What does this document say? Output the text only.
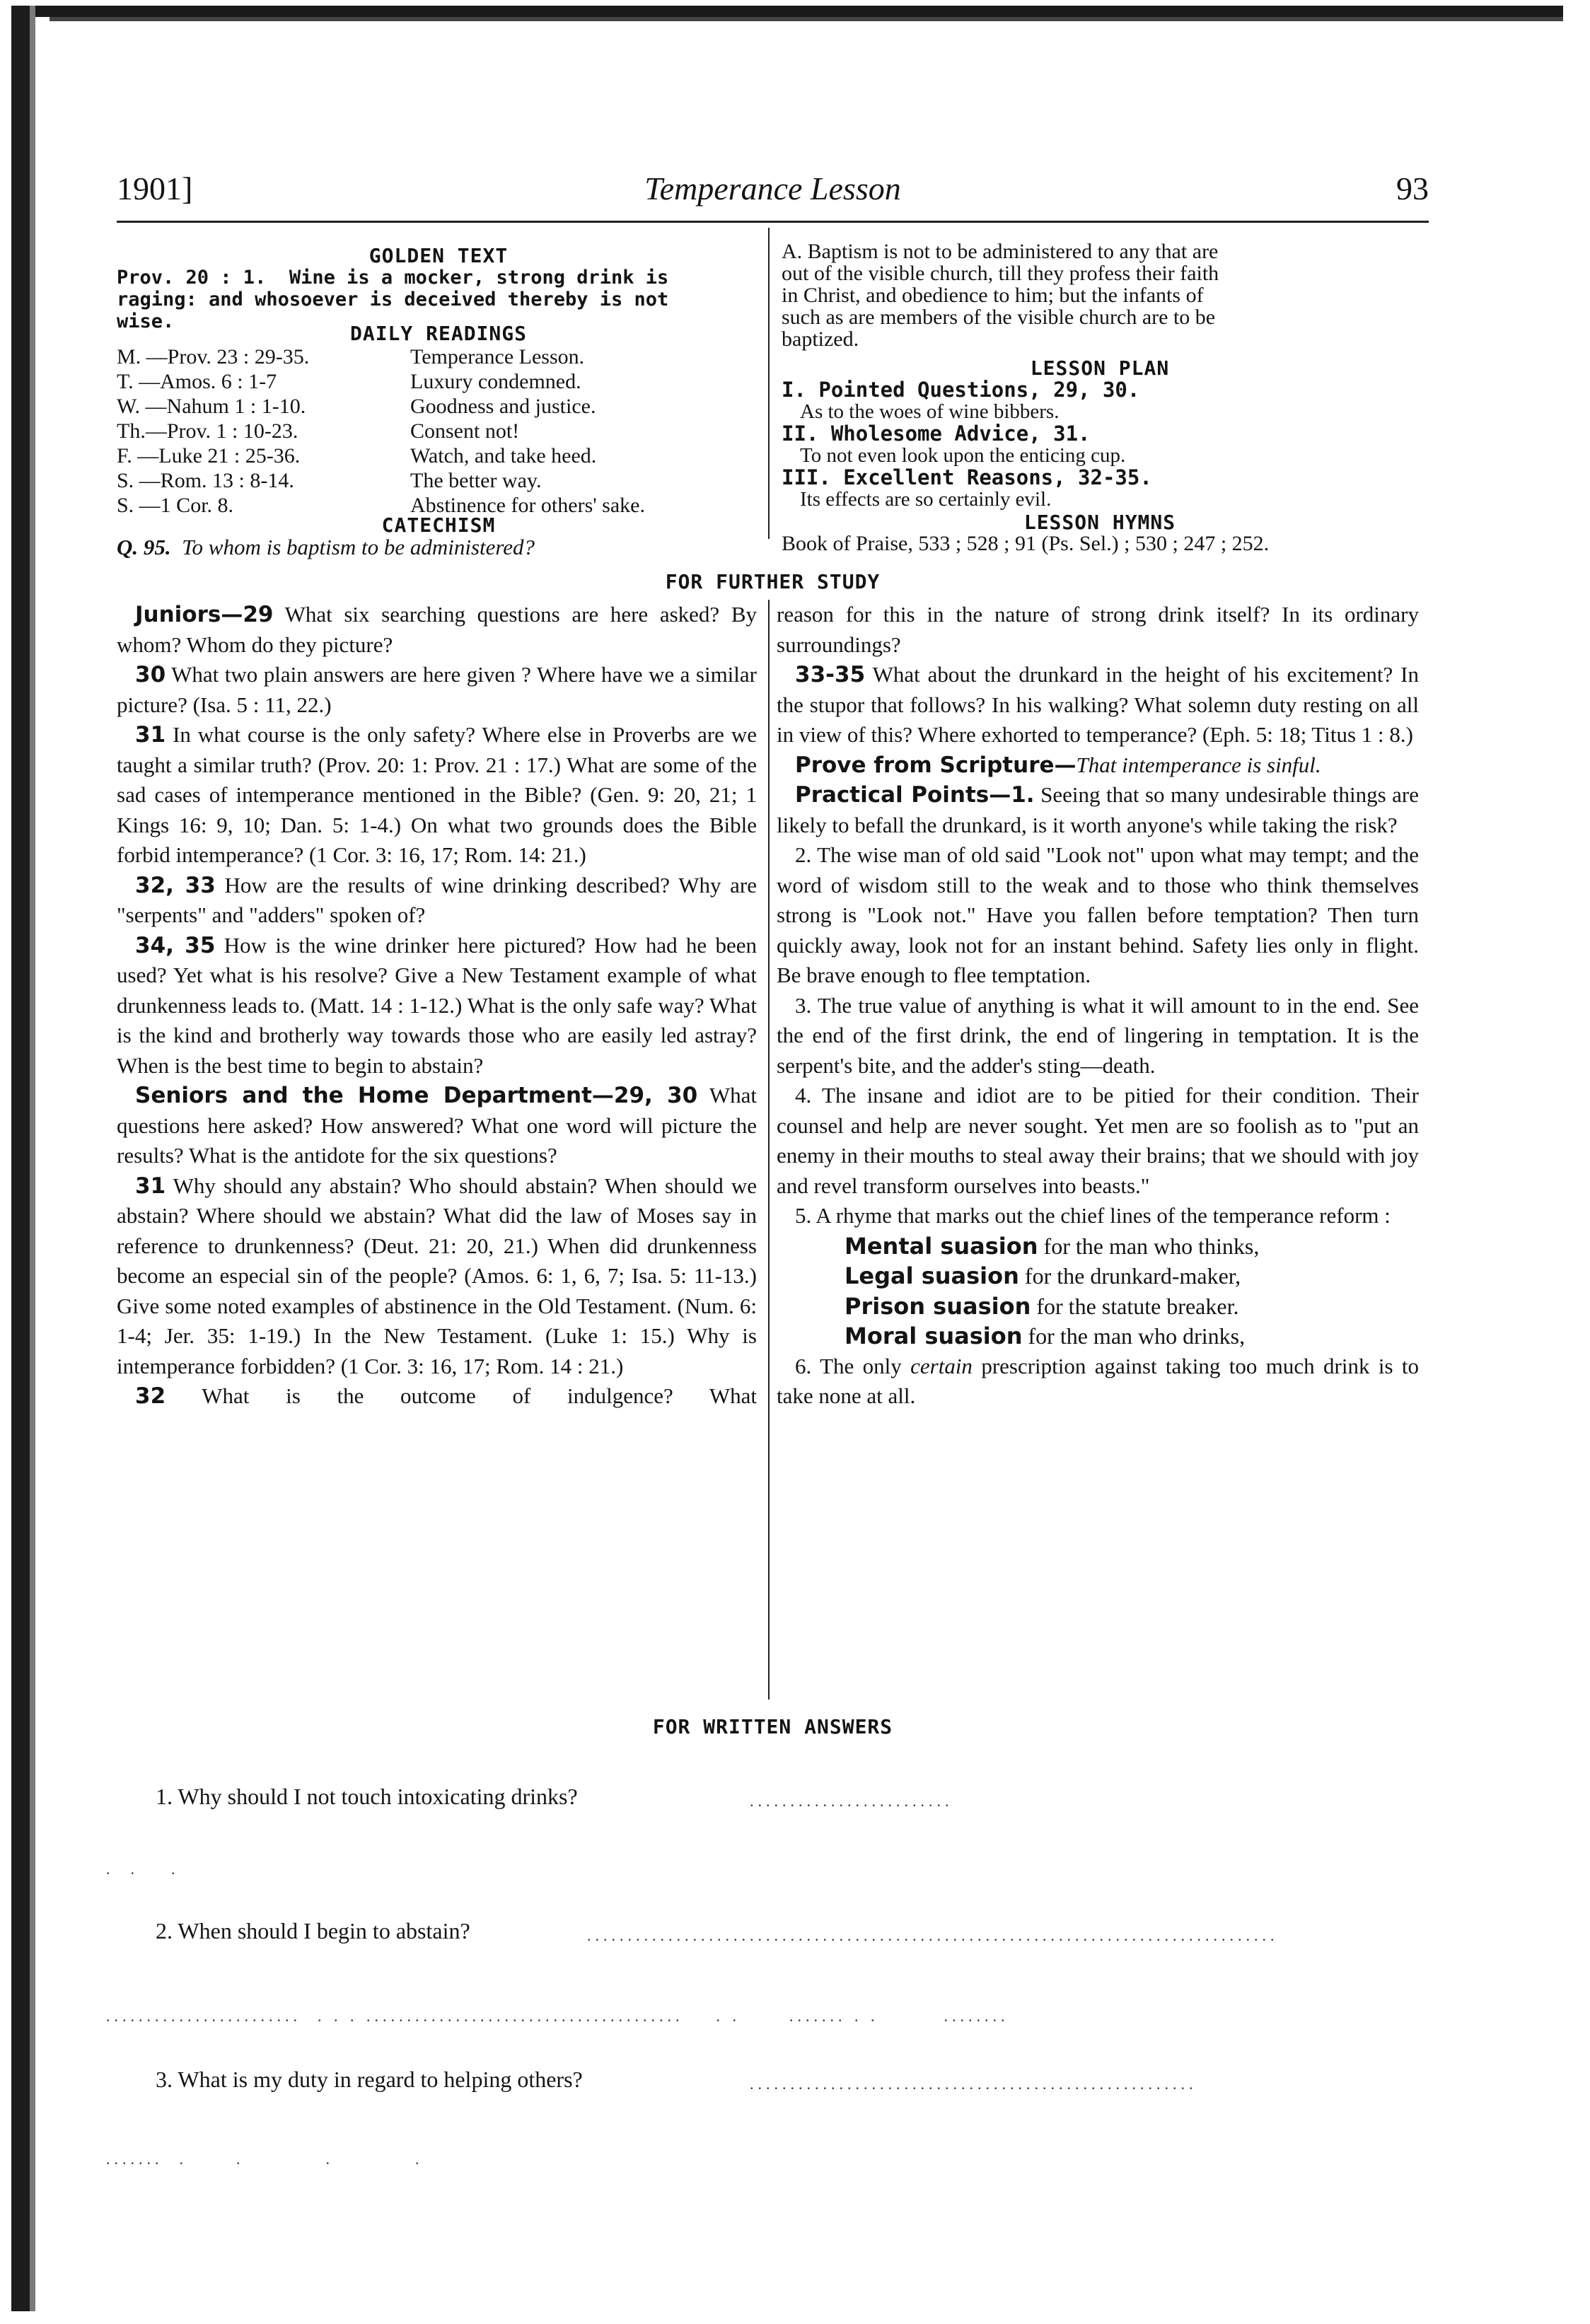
1901]	Temperance Lesson	93
GOLDEN TEXT
Prov. 20 : 1. Wine is a mocker, strong drink is
raging: and whosoever is deceived thereby is not
wise.
DAILY READINGS
M. —Prov. 23 : 29-35.	Temperance Lesson.
T. —Amos. 6 : 1-7	Luxury condemned.
W. —Nahum 1 : 1-10.	Goodness and justice.
Th.—Prov. 1 : 10-23.	Consent not!
F. —Luke 21 : 25-36.	Watch, and take heed.
S. —Rom. 13 : 8-14.	The better way.
S. —1 Cor. 8.	Abstinence for others' sake.
CATECHISM
Q. 95. To whom is baptism to be administered?
A. Baptism is not to be administered to any that are
out of the visible church, till they profess their faith
in Christ, and obedience to him; but the infants of
such as are members of the visible church are to be
baptized.
LESSON PLAN
I. Pointed Questions, 29, 30.
As to the woes of wine bibbers.
II. Wholesome Advice, 31.
To not even look upon the enticing cup.
III. Excellent Reasons, 32-35.
Its effects are so certainly evil.
LESSON HYMNS
Book of Praise, 533 ; 528 ; 91 (Ps. Sel.) ; 530 ; 247 ; 252.
FOR FURTHER STUDY

Juniors—29 What six searching questions are here asked? By whom? Whom do they picture?

30 What two plain answers are here given ? Where have we a similar picture? (Isa. 5 : 11, 22.)

31 In what course is the only safety? Where else in Proverbs are we taught a similar truth? (Prov. 20: 1: Prov. 21 : 17.) What are some of the sad cases of intemperance mentioned in the Bible? (Gen. 9: 20, 21; 1 Kings 16: 9, 10; Dan. 5: 1-4.) On what two grounds does the Bible forbid intemperance? (1 Cor. 3: 16, 17; Rom. 14: 21.)

32, 33 How are the results of wine drinking described? Why are "serpents" and "adders" spoken of?

34, 35 How is the wine drinker here pictured? How had he been used? Yet what is his resolve? Give a New Testament example of what drunkenness leads to. (Matt. 14 : 1-12.) What is the only safe way? What is the kind and brotherly way towards those who are easily led astray? When is the best time to begin to abstain?

Seniors and the Home Department—29, 30 What questions here asked? How answered? What one word will picture the results? What is the antidote for the six questions?

31 Why should any abstain? Who should abstain? When should we abstain? Where should we abstain? What did the law of Moses say in reference to drunkenness? (Deut. 21: 20, 21.) When did drunkenness become an especial sin of the people? (Amos. 6: 1, 6, 7; Isa. 5: 11-13.) Give some noted examples of abstinence in the Old Testament. (Num. 6: 1-4; Jer. 35: 1-19.) In the New Testament. (Luke 1: 15.) Why is intemperance forbidden? (1 Cor. 3: 16, 17; Rom. 14 : 21.)

32 What is the outcome of indulgence? What

reason for this in the nature of strong drink itself? In its ordinary surroundings?

33-35 What about the drunkard in the height of his excitement? In the stupor that follows? In his walking? What solemn duty resting on all in view of this? Where exhorted to temperance? (Eph. 5: 18; Titus 1 : 8.)

Prove from Scripture—That intemperance is sinful.

Practical Points—1. Seeing that so many undesirable things are likely to befall the drunkard, is it worth anyone's while taking the risk?

2. The wise man of old said "Look not" upon what may tempt; and the word of wisdom still to the weak and to those who think themselves strong is "Look not." Have you fallen before temptation? Then turn quickly away, look not for an instant behind. Safety lies only in flight. Be brave enough to flee temptation.

3. The true value of anything is what it will amount to in the end. See the end of the first drink, the end of lingering in temptation. It is the serpent's bite, and the adder's sting—death.

4. The insane and idiot are to be pitied for their condition. Their counsel and help are never sought. Yet men are so foolish as to "put an enemy in their mouths to steal away their brains; that we should with joy and revel transform ourselves into beasts."

5. A rhyme that marks out the chief lines of the temperance reform :

Mental suasion for the man who thinks,

Legal suasion for the drunkard-maker,

Prison suasion for the statute breaker.

Moral suasion for the man who drinks,

6. The only certain prescription against taking too much drink is to take none at all.

FOR WRITTEN ANSWERS
1. Why should I not touch intoxicating drinks?	.........................
.  .    .
2. When should I begin to abstain?	.....................................................................................
........................  . . . .......................................    . .      ....... . .        ........
3. What is my duty in regard to helping others?	.......................................................
.......  .      .          .          .
